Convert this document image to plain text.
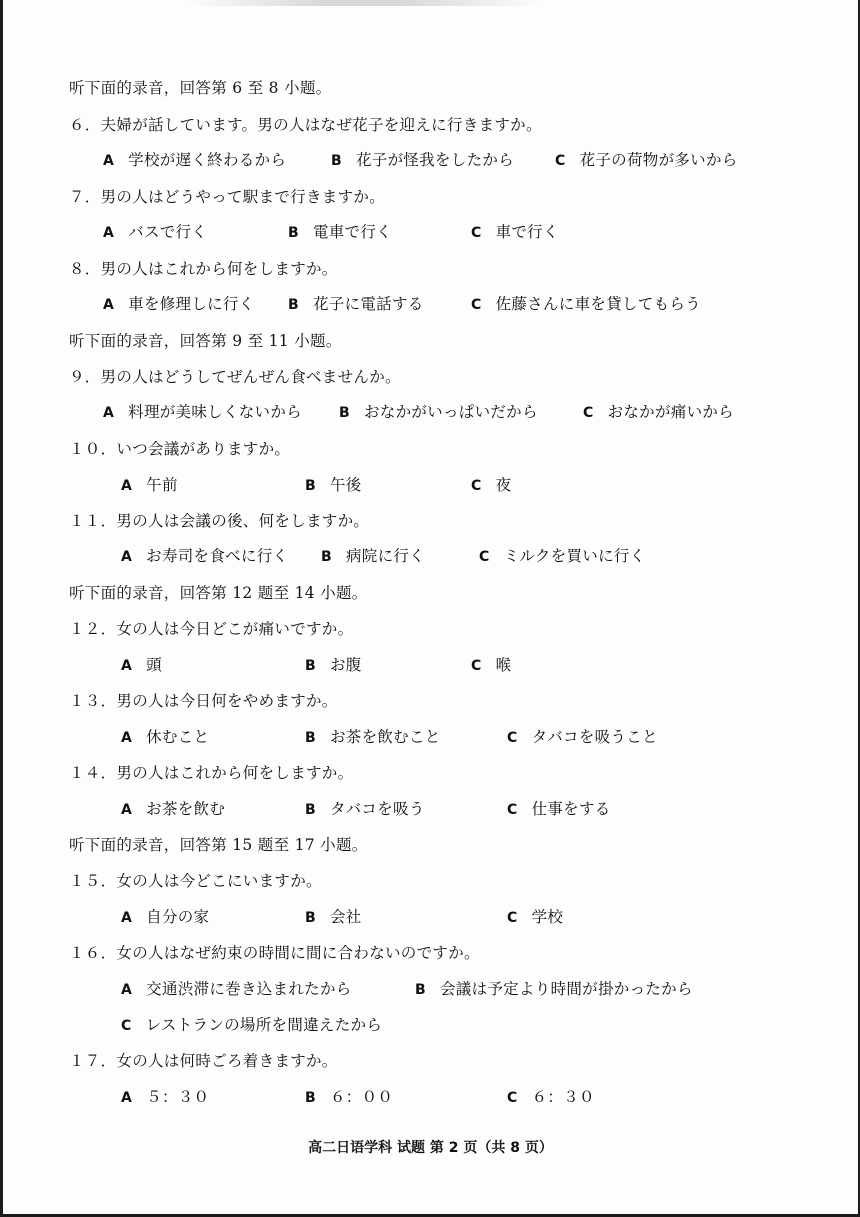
听下面的录音，回答第 6 至 8 小题。
６．夫婦が話しています。男の人はなぜ花子を迎えに行きますか。
A 学校が遅く終わるから	B 花子が怪我をしたから	C 花子の荷物が多いから
７．男の人はどうやって駅まで行きますか。
A バスで行く	B 電車で行く	C 車で行く
８．男の人はこれから何をしますか。
A 車を修理しに行く B 花子に電話する	C 佐藤さんに車を貸してもらう
听下面的录音，回答第 9 至 11 小题。
９．男の人はどうしてぜんぜん食べませんか。
A 料理が美味しくないから	B おなかがいっぱいだから	C おなかが痛いから
１０．いつ会議がありますか。
A 午前	B 午後	C 夜
１１．男の人は会議の後、何をしますか。
A お寿司を食べに行く B 病院に行く	C ミルクを買いに行く
听下面的录音，回答第 12 题至 14 小题。
１２．女の人は今日どこが痛いですか。
A 頭	B お腹	C 喉
１３．男の人は今日何をやめますか。
A 休むこと	B お茶を飲むこと	C タバコを吸うこと
１４．男の人はこれから何をしますか。
A お茶を飲む	B タバコを吸う	C 仕事をする
听下面的录音，回答第 15 题至 17 小题。
１５．女の人は今どこにいますか。
A 自分の家	B 会社	C 学校
１６．女の人はなぜ約束の時間に間に合わないのですか。
A 交通渋滞に巻き込まれたから	B 会議は予定より時間が掛かったから
C レストランの場所を間違えたから
１７．女の人は何時ごろ着きますか。
A ５：３０	B ６：００	C ６：３０
高二日语学科 试题 第 2 页（共 8 页）
